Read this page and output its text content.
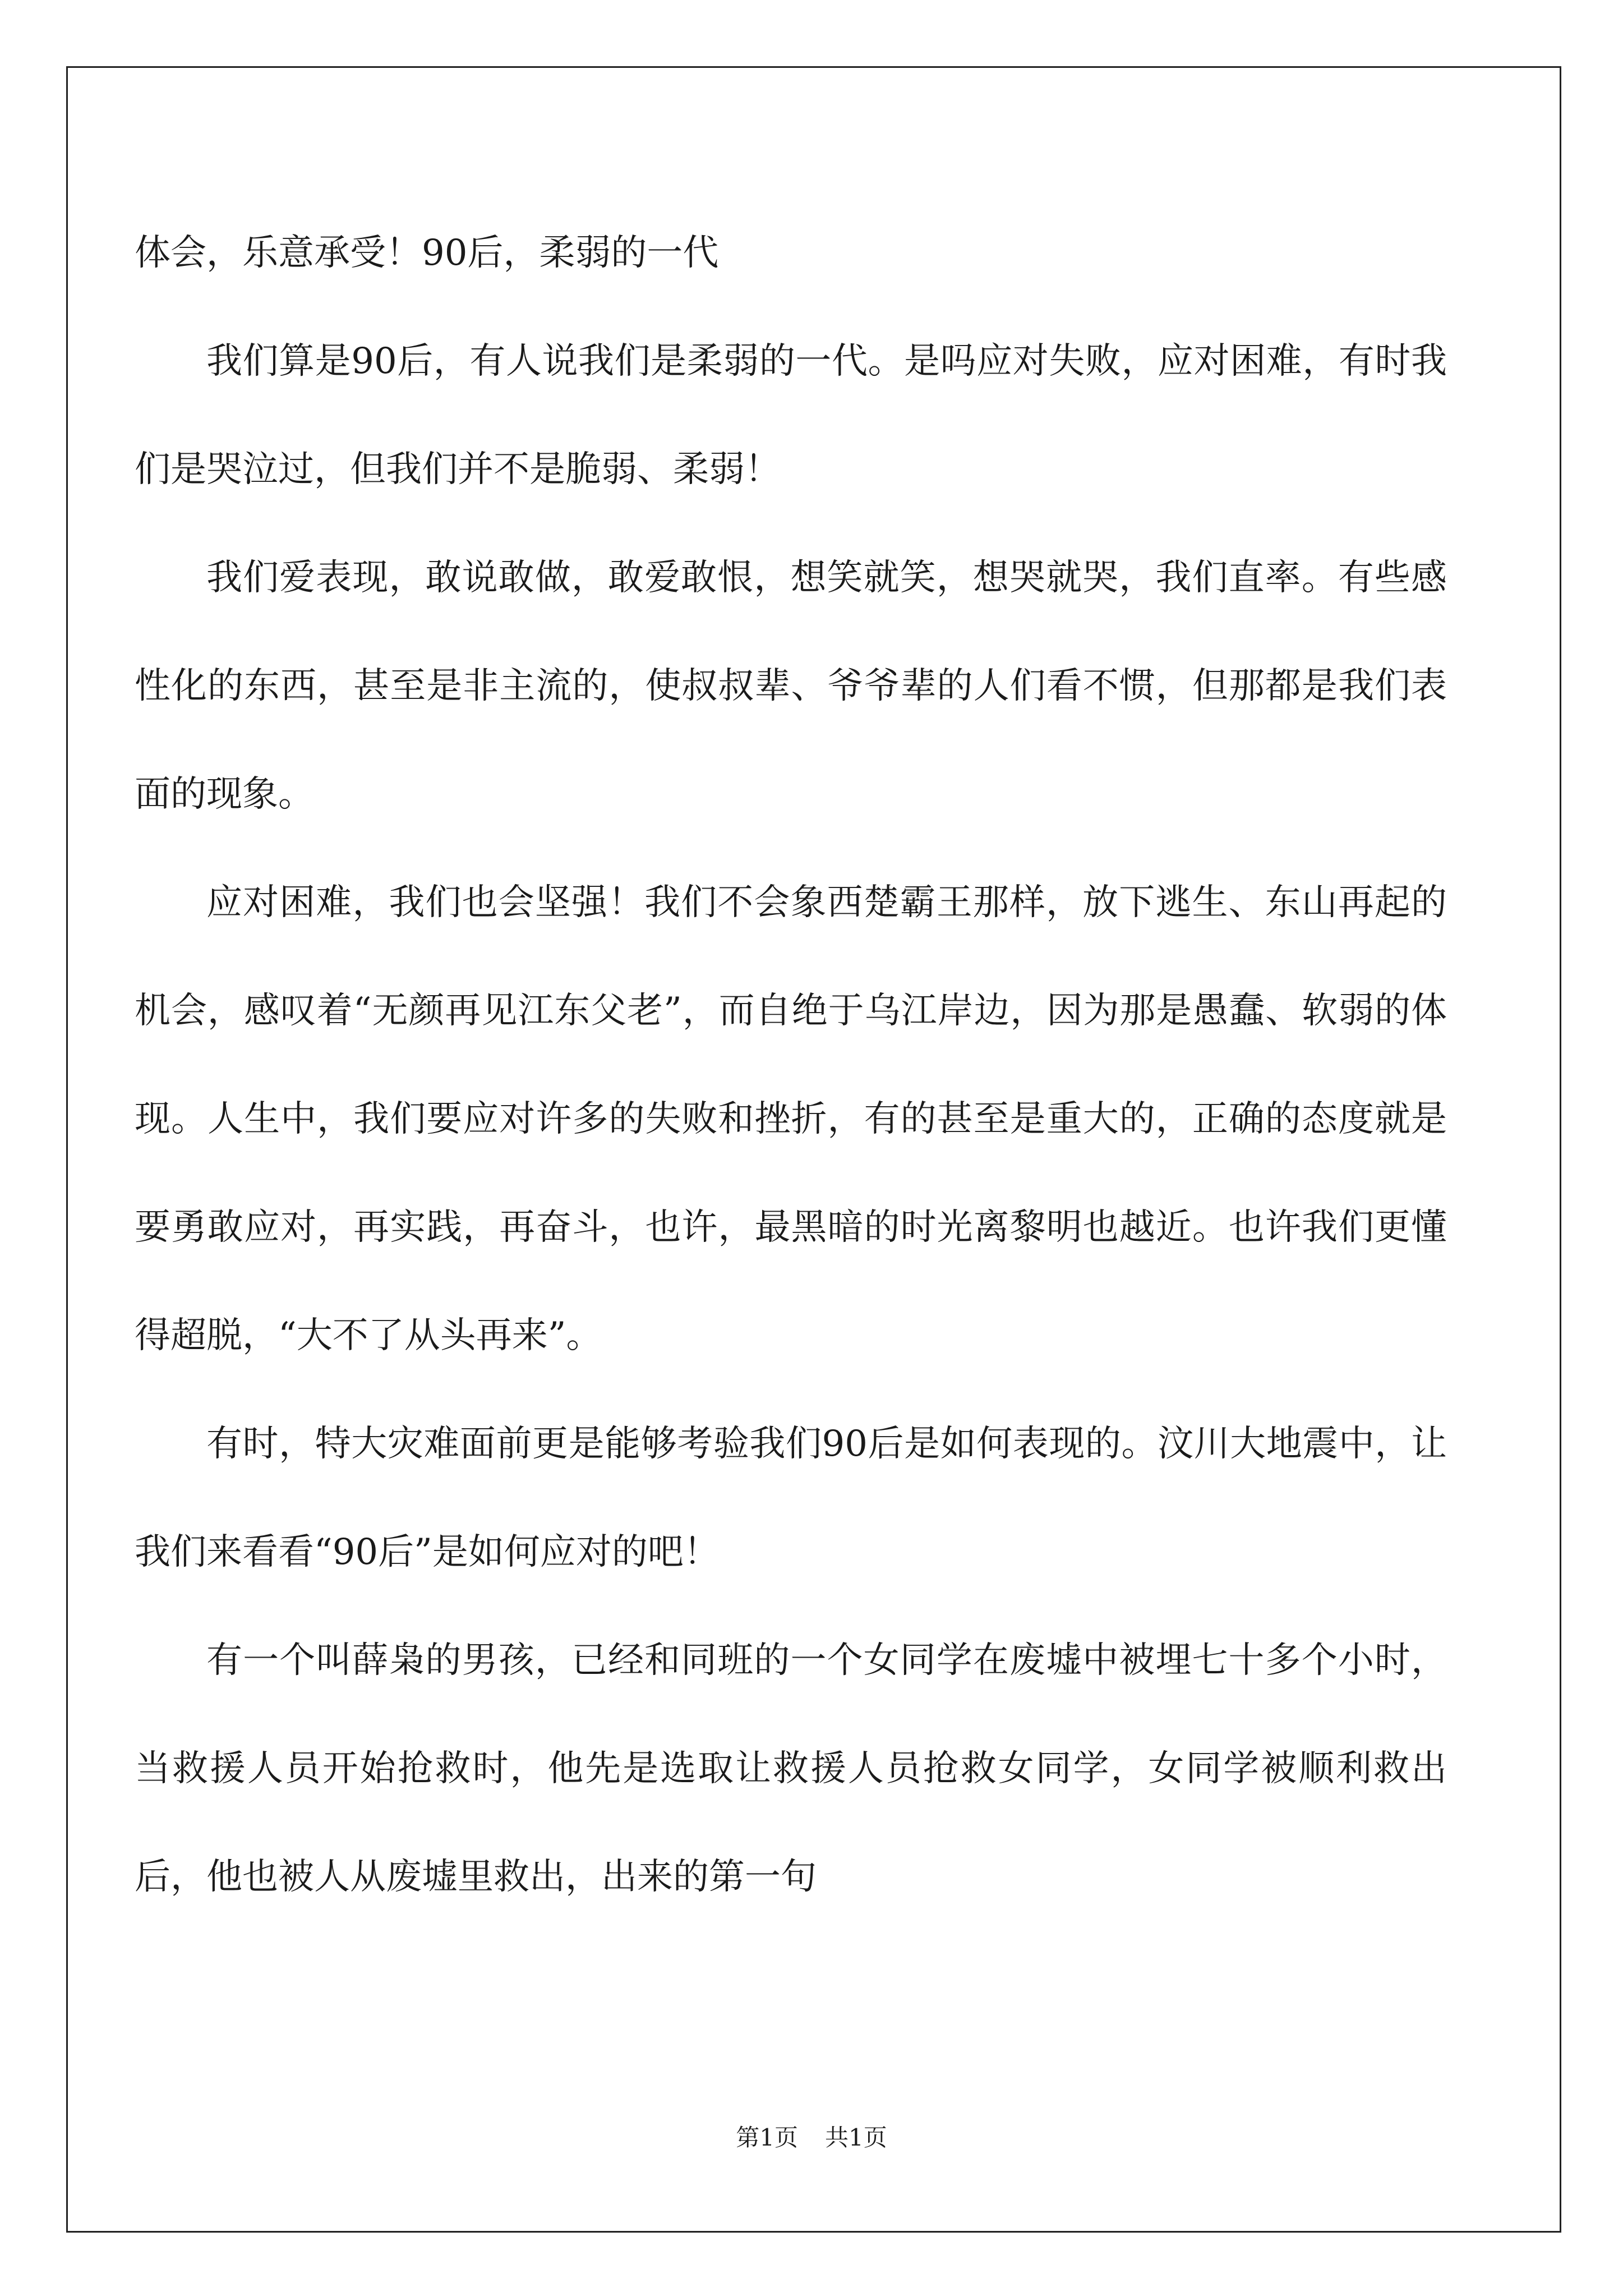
体会，乐意承受！90后，柔弱的一代

我们算是90后，有人说我们是柔弱的一代。是吗应对失败，应对困难，有时我们是哭泣过，但我们并不是脆弱、柔弱！

我们爱表现，敢说敢做，敢爱敢恨，想笑就笑，想哭就哭，我们直率。有些感性化的东西，甚至是非主流的，使叔叔辈、爷爷辈的人们看不惯，但那都是我们表面的现象。

应对困难，我们也会坚强！我们不会象西楚霸王那样，放下逃生、东山再起的机会，感叹着“无颜再见江东父老”，而自绝于乌江岸边，因为那是愚蠢、软弱的体现。人生中，我们要应对许多的失败和挫折，有的甚至是重大的，正确的态度就是要勇敢应对，再实践，再奋斗，也许，最黑暗的时光离黎明也越近。也许我们更懂得超脱，“大不了从头再来”。

有时，特大灾难面前更是能够考验我们90后是如何表现的。汶川大地震中，让我们来看看“90后”是如何应对的吧！

有一个叫薛枭的男孩，已经和同班的一个女同学在废墟中被埋七十多个小时，当救援人员开始抢救时，他先是选取让救援人员抢救女同学，女同学被顺利救出后，他也被人从废墟里救出，出来的第一句

第1页 共1页
